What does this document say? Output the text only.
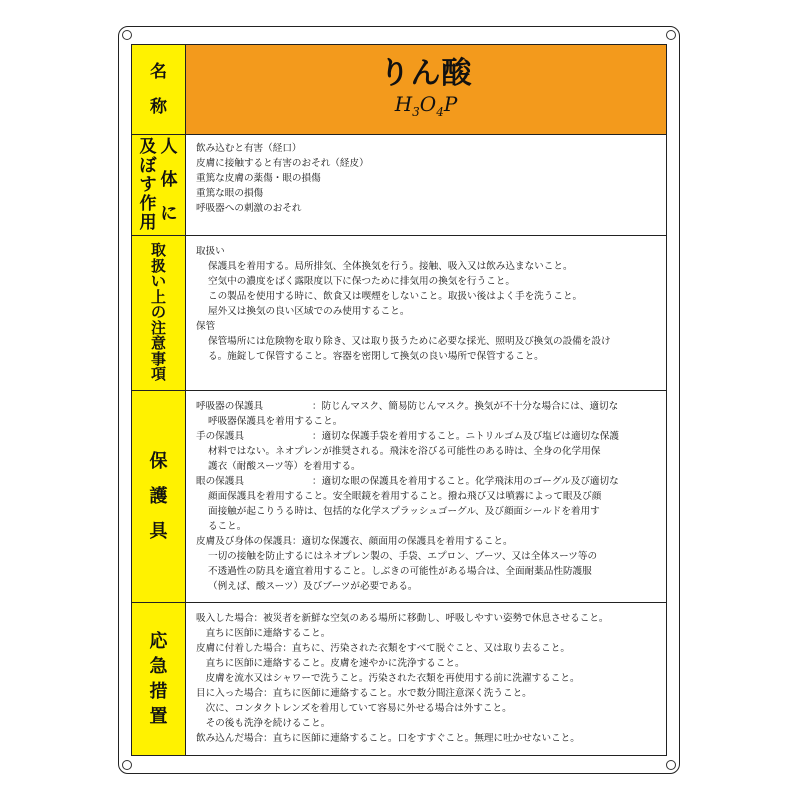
名
称
りん酸
$H_3O_4P$
人
体
に
及
ぼ
す
作
用
飲み込むと有害（経口）
皮膚に接触すると有害のおそれ（経皮）
重篤な皮膚の薬傷・眼の損傷
重篤な眼の損傷
呼吸器への刺激のおそれ
取
扱
い
上
の
注
意
事
項
取扱い
保護具を着用する。局所排気、全体換気を行う。接触、吸入又は飲み込まないこと。
空気中の濃度をばく露限度以下に保つために排気用の換気を行うこと。
この製品を使用する時に、飲食又は喫煙をしないこと。取扱い後はよく手を洗うこと。
屋外又は換気の良い区域でのみ使用すること。
保管
保管場所には危険物を取り除き、又は取り扱うために必要な採光、照明及び換気の設備を設け
る。施錠して保管すること。容器を密閉して換気の良い場所で保管すること。
保
護
具
呼吸器の保護具	：防じんマスク、簡易防じんマスク。換気が不十分な場合には、適切な
呼吸器保護具を着用すること。
手の保護具	：適切な保護手袋を着用すること。ニトリルゴム及び塩ビは適切な保護
材料ではない。ネオプレンが推奨される。飛沫を浴びる可能性のある時は、全身の化学用保
護衣（耐酸スーツ等）を着用する。
眼の保護具	：適切な眼の保護具を着用すること。化学飛沫用のゴーグル及び適切な
顔面保護具を着用すること。安全眼鏡を着用すること。撥ね飛び又は噴霧によって眼及び顔
面接触が起こりうる時は、包括的な化学スプラッシュゴーグル、及び顔面シールドを着用す
ること。
皮膚及び身体の保護具 ：適切な保護衣、顔面用の保護具を着用すること。
一切の接触を防止するにはネオプレン製の、手袋、エプロン、ブーツ、又は全体スーツ等の
不透過性の防具を適宜着用すること。しぶきの可能性がある場合は、全面耐薬品性防護服
（例えば、酸スーツ）及びブーツが必要である。
応
急
措
置
吸入した場合：被災者を新鮮な空気のある場所に移動し、呼吸しやすい姿勢で休息させること。
　直ちに医師に連絡すること。
皮膚に付着した場合：直ちに、汚染された衣類をすべて脱ぐこと、又は取り去ること。
　直ちに医師に連絡すること。皮膚を速やかに洗浄すること。
　皮膚を流水又はシャワーで洗うこと。汚染された衣類を再使用する前に洗濯すること。
目に入った場合：直ちに医師に連絡すること。水で数分間注意深く洗うこと。
　次に、コンタクトレンズを着用していて容易に外せる場合は外すこと。
　その後も洗浄を続けること。
飲み込んだ場合：直ちに医師に連絡すること。口をすすぐこと。無理に吐かせないこと。
